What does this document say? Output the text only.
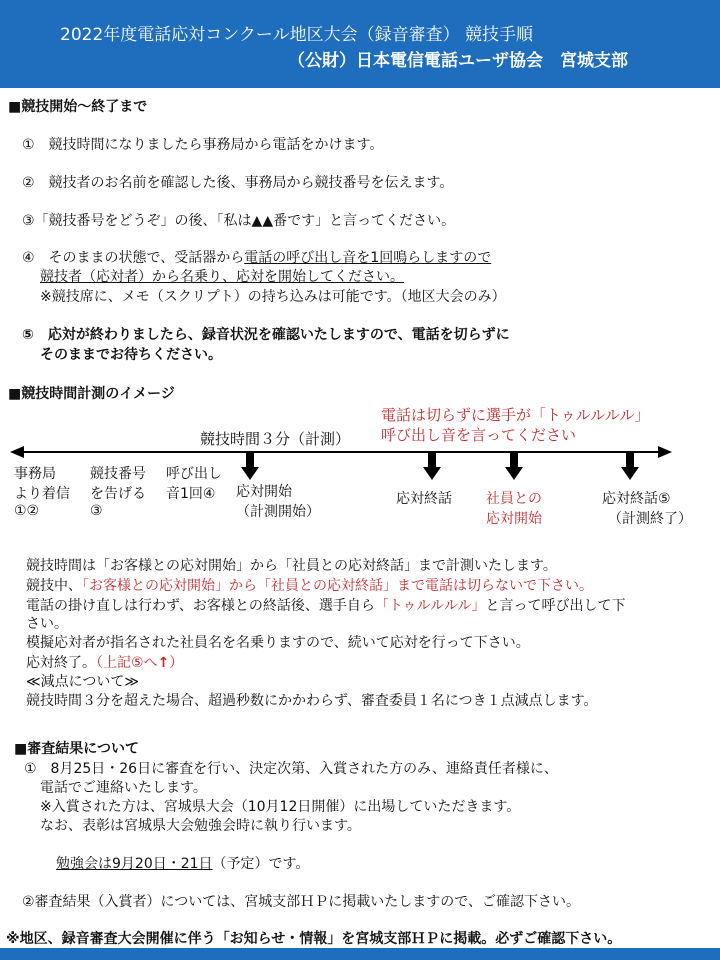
2022年度電話応対コンクール地区大会（録音審査） 競技手順
（公財）日本電信電話ユーザ協会　宮城支部
■競技開始～終了まで
①　競技時間になりましたら事務局から電話をかけます。
②　競技者のお名前を確認した後、事務局から競技番号を伝えます。
③「競技番号をどうぞ」の後、「私は▲▲番です」と言ってください。
④　そのままの状態で、受話器から電話の呼び出し音を1回鳴らしますので
競技者（応対者）から名乗り、応対を開始してください。
※競技席に、メモ（スクリプト）の持ち込みは可能です。（地区大会のみ）
⑤　応対が終わりましたら、録音状況を確認いたしますので、電話を切らずに
そのままでお待ちください。
■競技時間計測のイメージ
電話は切らずに選手が「トゥルルルル」
呼び出し音を言ってください
競技時間３分（計測）
事務局
より着信
①②
競技番号
を告げる
③
呼び出し
音1回④	応対開始
（計測開始）
応対終話 社員との
応対開始
応対終話⑤
（計測終了）
競技時間は「お客様との応対開始」から「社員との応対終話」まで計測いたします。
競技中、「お客様との応対開始」から「社員との応対終話」まで電話は切らないで下さい。
電話の掛け直しは行わず、お客様との終話後、選手自ら「トゥルルルル」と言って呼び出して下
さい。
模擬応対者が指名された社員名を名乗りますので、続いて応対を行って下さい。
応対終了。（上記⑤へ↑）
≪減点について≫
競技時間３分を超えた場合、超過秒数にかかわらず、審査委員１名につき１点減点します。
■審査結果について
①　8月25日・26日に審査を行い、決定次第、入賞された方のみ、連絡責任者様に、
電話でご連絡いたします。
※入賞された方は、宮城県大会（10月12日開催）に出場していただきます。
なお、表彰は宮城県大会勉強会時に執り行います。
勉強会は9月20日・21日（予定）です。
②審査結果（入賞者）については、宮城支部ＨＰに掲載いたしますので、ご確認下さい。
※地区、録音審査大会開催に伴う「お知らせ・情報」を宮城支部ＨＰに掲載。必ずご確認下さい。
